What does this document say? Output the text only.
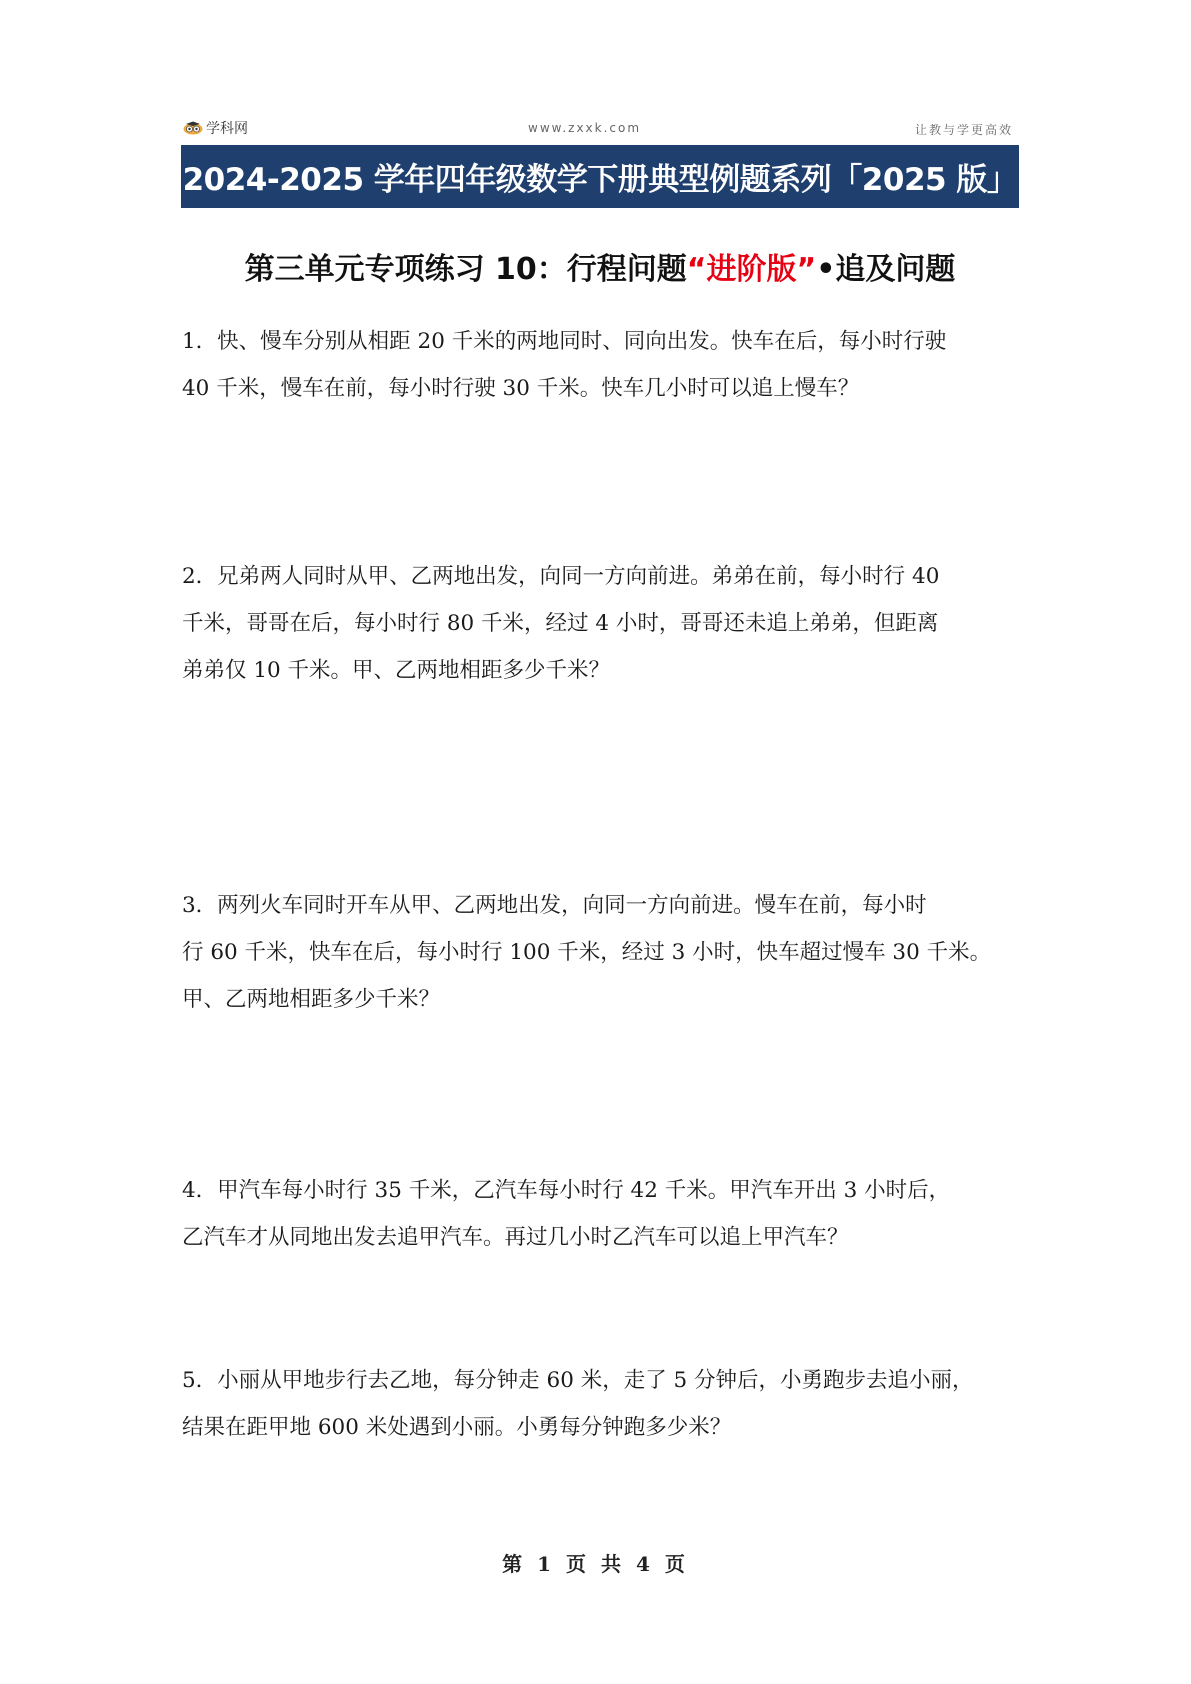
学科网	www.zxxk.com	让教与学更高效
2024-2025 学年四年级数学下册典型例题系列「2025 版」
第三单元专项练习 10：行程问题“进阶版”•追及问题

1．快、慢车分别从相距 20 千米的两地同时、同向出发。快车在后，每小时行驶

40 千米，慢车在前，每小时行驶 30 千米。快车几小时可以追上慢车？

2．兄弟两人同时从甲、乙两地出发，向同一方向前进。弟弟在前，每小时行 40

千米，哥哥在后，每小时行 80 千米，经过 4 小时，哥哥还未追上弟弟，但距离

弟弟仅 10 千米。甲、乙两地相距多少千米？

3．两列火车同时开车从甲、乙两地出发，向同一方向前进。慢车在前，每小时

行 60 千米，快车在后，每小时行 100 千米，经过 3 小时，快车超过慢车 30 千米。

甲、乙两地相距多少千米？

4．甲汽车每小时行 35 千米，乙汽车每小时行 42 千米。甲汽车开出 3 小时后，

乙汽车才从同地出发去追甲汽车。再过几小时乙汽车可以追上甲汽车？

5．小丽从甲地步行去乙地，每分钟走 60 米，走了 5 分钟后，小勇跑步去追小丽，

结果在距甲地 600 米处遇到小丽。小勇每分钟跑多少米？

第 1 页 共 4 页
